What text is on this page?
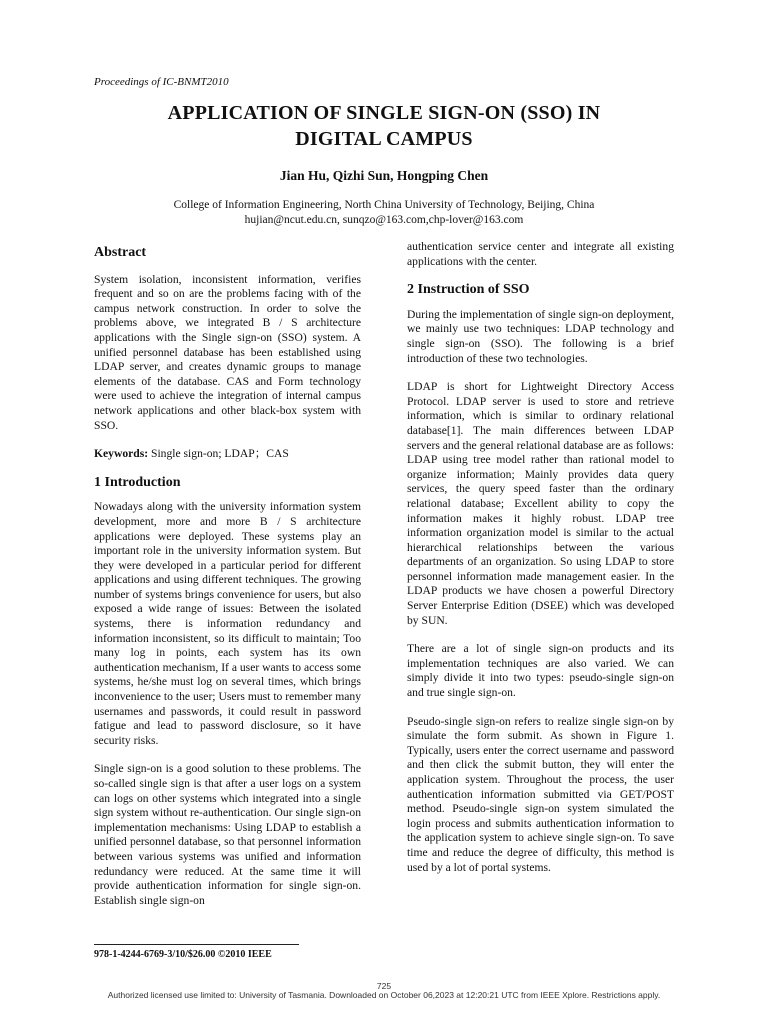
Proceedings of IC-BNMT2010
APPLICATION OF SINGLE SIGN-ON (SSO) IN
DIGITAL CAMPUS
Jian Hu, Qizhi Sun, Hongping Chen
College of Information Engineering, North China University of Technology, Beijing, China
hujian@ncut.edu.cn, sunqzo@163.com,chp-lover@163.com
Abstract

System isolation, inconsistent information, verifies frequent and so on are the problems facing with of the campus network construction. In order to solve the problems above, we integrated B / S architecture applications with the Single sign-on (SSO) system. A unified personnel database has been established using LDAP server, and creates dynamic groups to manage elements of the database. CAS and Form technology were used to achieve the integration of internal campus network applications and other black-box system with SSO.

Keywords: Single sign-on; LDAP；CAS

1 Introduction

Nowadays along with the university information system development, more and more B / S architecture applications were deployed. These systems play an important role in the university information system. But they were developed in a particular period for different applications and using different techniques. The growing number of systems brings convenience for users, but also exposed a wide range of issues: Between the isolated systems, there is information redundancy and information inconsistent, so its difficult to maintain; Too many log in points, each system has its own authentication mechanism, If a user wants to access some systems, he/she must log on several times, which brings inconvenience to the user; Users must to remember many usernames and passwords, it could result in password fatigue and lead to password disclosure, so it have security risks.

Single sign-on is a good solution to these problems. The so-called single sign is that after a user logs on a system can logs on other systems which integrated into a single sign system without re-authentication. Our single sign-on implementation mechanisms: Using LDAP to establish a unified personnel database, so that personnel information between various systems was unified and information redundancy were reduced. At the same time it will provide authentication information for single sign-on. Establish single sign-on

authentication service center and integrate all existing applications with the center.

2 Instruction of SSO

During the implementation of single sign-on deployment, we mainly use two techniques: LDAP technology and single sign-on (SSO). The following is a brief introduction of these two technologies.

LDAP is short for Lightweight Directory Access Protocol. LDAP server is used to store and retrieve information, which is similar to ordinary relational database[1]. The main differences between LDAP servers and the general relational database are as follows: LDAP using tree model rather than rational model to organize information; Mainly provides data query services, the query speed faster than the ordinary relational database; Excellent ability to copy the information makes it highly robust. LDAP tree information organization model is similar to the actual hierarchical relationships between the various departments of an organization. So using LDAP to store personnel information made management easier. In the LDAP products we have chosen a powerful Directory Server Enterprise Edition (DSEE) which was developed by SUN.

There are a lot of single sign-on products and its implementation techniques are also varied. We can simply divide it into two types: pseudo-single sign-on and true single sign-on.

Pseudo-single sign-on refers to realize single sign-on by simulate the form submit. As shown in Figure 1. Typically, users enter the correct username and password and then click the submit button, they will enter the application system. Throughout the process, the user authentication information submitted via GET/POST method. Pseudo-single sign-on system simulated the login process and submits authentication information to the application system to achieve single sign-on. To save time and reduce the degree of difficulty, this method is used by a lot of portal systems.

978-1-4244-6769-3/10/$26.00 ©2010 IEEE
725
Authorized licensed use limited to: University of Tasmania. Downloaded on October 06,2023 at 12:20:21 UTC from IEEE Xplore. Restrictions apply.
